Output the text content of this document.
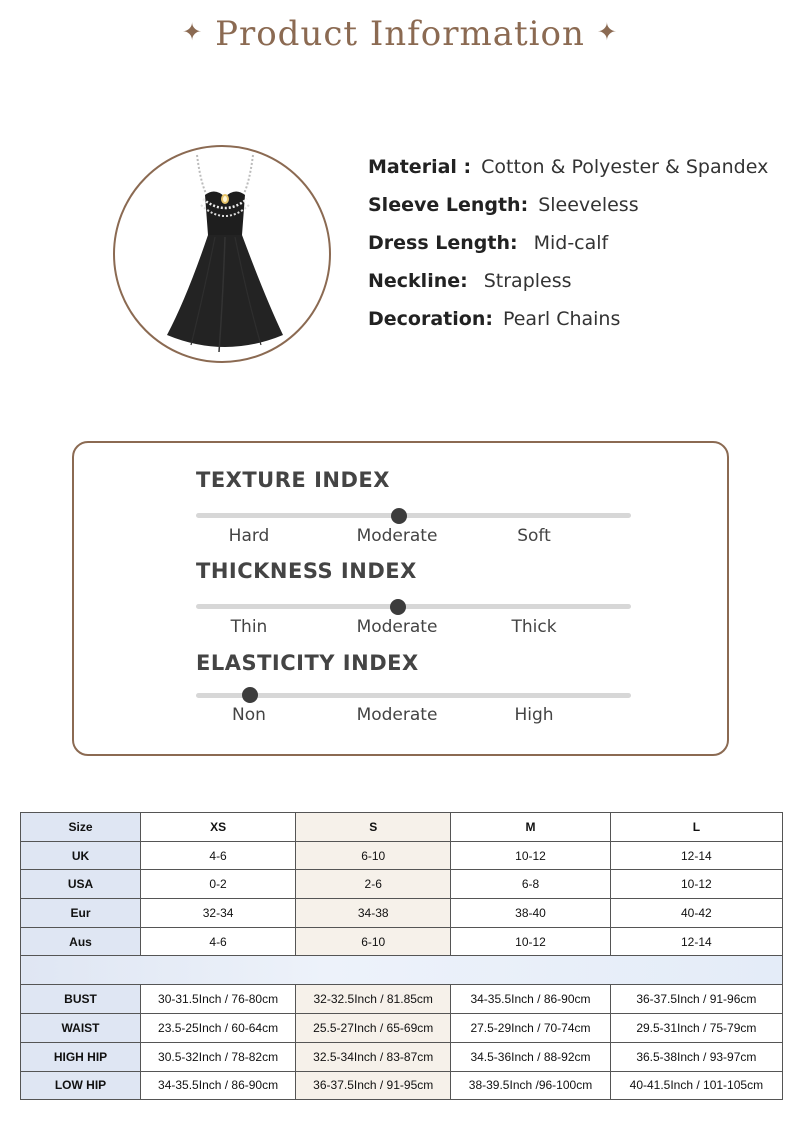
✦ Product Information ✦
Material : Cotton & Polyester & Spandex
Sleeve Length: Sleeveless
Dress Length: Mid-calf
Neckline: Strapless
Decoration: Pearl Chains
TEXTURE INDEX
Hard	Moderate	Soft
THICKNESS INDEX
Thin	Moderate	Thick
ELASTICITY INDEX
Non	Moderate	High
Size	XS	S	M	L
UK	4-6	6-10	10-12	12-14
USA	0-2	2-6	6-8	10-12
Eur	32-34	34-38	38-40	40-42
Aus	4-6	6-10	10-12	12-14

BUST	30-31.5Inch / 76-80cm	32-32.5Inch / 81.85cm	34-35.5Inch / 86-90cm	36-37.5Inch / 91-96cm
WAIST	23.5-25Inch / 60-64cm	25.5-27Inch / 65-69cm	27.5-29Inch / 70-74cm	29.5-31Inch / 75-79cm
HIGH HIP	30.5-32Inch / 78-82cm	32.5-34Inch / 83-87cm	34.5-36Inch / 88-92cm	36.5-38Inch / 93-97cm
LOW HIP	34-35.5Inch / 86-90cm	36-37.5Inch / 91-95cm	38-39.5Inch /96-100cm	40-41.5Inch / 101-105cm
